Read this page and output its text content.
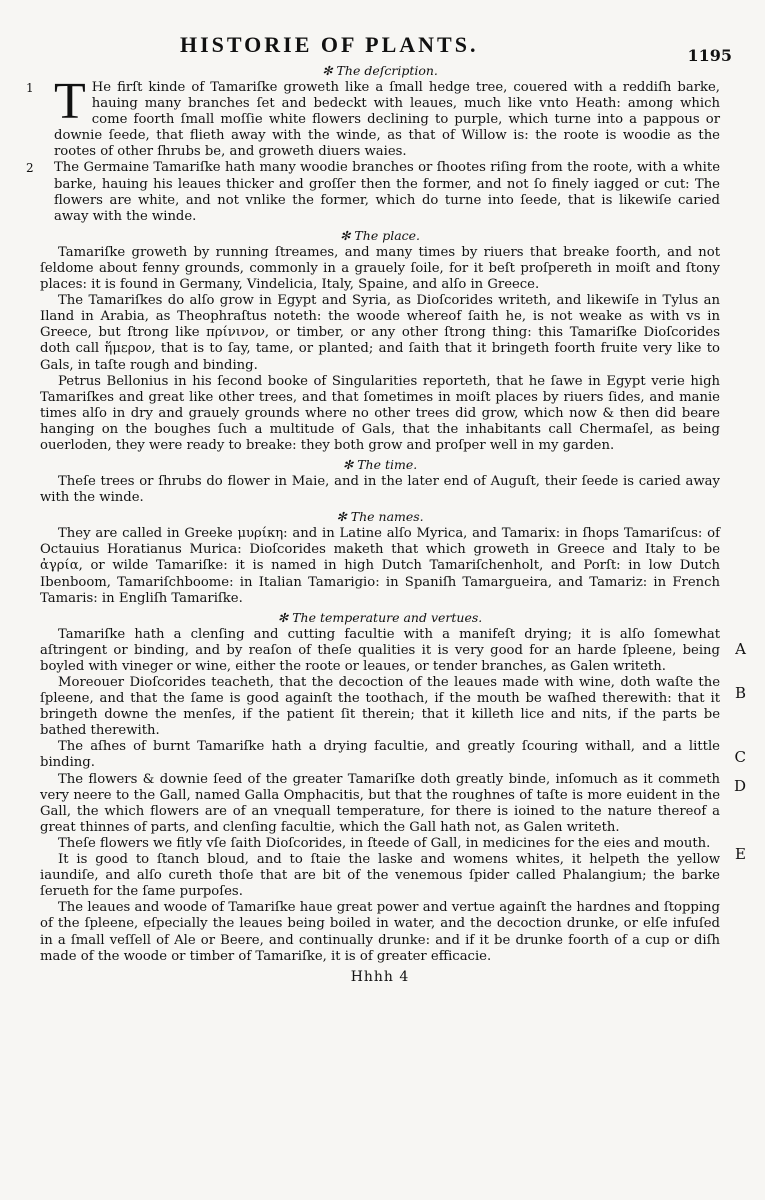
HISTORIE OF PLANTS.	1195
✻ The deſcription.

1 T He firſt kinde of Tamariſke groweth like a ſmall hedge tree, couered with a reddiſh barke, hauing many branches ſet and bedeckt with leaues, much like vnto Heath: among which come foorth ſmall moſſie white flowers declining to purple, which turne into a pappous or downie ſeede, that flieth away with the winde, as that of Willow is: the roote is woodie as the rootes of other ſhrubs be, and groweth diuers waies.

2 The Germaine Tamariſke hath many woodie branches or ſhootes riſing from the roote, with a white barke, hauing his leaues thicker and groſſer then the former, and not ſo finely iagged or cut: The flowers are white, and not vnlike the former, which do turne into ſeede, that is likewiſe caried away with the winde.

✻ The place.

Tamariſke groweth by running ſtreames, and many times by riuers that breake foorth, and not ſeldome about fenny grounds, commonly in a grauely ſoile, for it beſt proſpereth in moiſt and ſtony places: it is found in Germany, Vindelicia, Italy, Spaine, and alſo in Greece.

The Tamariſkes do alſo grow in Egypt and Syria, as Dioſcorides writeth, and likewiſe in Tylus an Iland in Arabia, as Theophraſtus noteth: the woode whereof ſaith he, is not weake as with vs in Greece, but ſtrong like πρίνινον, or timber, or any other ſtrong thing: this Tamariſke Dioſcorides doth call ἥμερον, that is to ſay, tame, or planted; and ſaith that it bringeth foorth fruite very like to Gals, in taſte rough and binding.

Petrus Bellonius in his ſecond booke of Singularities reporteth, that he ſawe in Egypt verie high Tamariſkes and great like other trees, and that ſometimes in moiſt places by riuers ſides, and manie times alſo in dry and grauely grounds where no other trees did grow, which now & then did beare hanging on the boughes ſuch a multitude of Gals, that the inhabitants call Chermaſel, as being ouerloden, they were ready to breake: they both grow and proſper well in my garden.

✻ The time.

Theſe trees or ſhrubs do flower in Maie, and in the later end of Auguſt, their ſeede is caried away with the winde.

✻ The names.

They are called in Greeke μυρίκη: and in Latine alſo Myrica, and Tamarix: in ſhops Tamariſcus: of Octauius Horatianus Murica: Dioſcorides maketh that which groweth in Greece and Italy to be ἀγρία, or wilde Tamariſke: it is named in high Dutch Tamariſchenholt, and Porſt: in low Dutch Ibenboom, Tamariſchboome: in Italian Tamarigio: in Spaniſh Tamargueira, and Tamariz: in French Tamaris: in Engliſh Tamariſke.

✻ The temperature and vertues.

Tamariſke hath a clenſing and cutting facultie with a manifeſt drying; it is alſo ſomewhat aſtringent or binding, and by reaſon of theſe qualities it is very good for an harde ſpleene, being boyled with vineger or wine, either the roote or leaues, or tender branches, as Galen writeth.
A

Moreouer Dioſcorides teacheth, that the decoction of the leaues made with wine, doth waſte the ſpleene, and that the ſame is good againſt the toothach, if the mouth be waſhed therewith: that it bringeth downe the menſes, if the patient ſit therein; that it killeth lice and nits, if the parts be bathed therewith.
B

The aſhes of burnt Tamariſke hath a drying facultie, and greatly ſcouring withall, and a little binding.	C

The flowers & downie ſeed of the greater Tamariſke doth greatly binde, inſomuch as it commeth very neere to the Gall, named Galla Omphacitis, but that the roughnes of taſte is more euident in the Gall, the which flowers are of an vnequall temperature, for there is ioined to the nature thereof a great thinnes of parts, and clenſing facultie, which the Gall hath not, as Galen writeth.
D

Theſe flowers we fitly vſe ſaith Dioſcorides, in ſteede of Gall, in medicines for the eies and mouth.

It is good to ſtanch bloud, and to ſtaie the laske and womens whites, it helpeth the yellow iaundiſe, and alſo cureth thoſe that are bit of the venemous ſpider called Phalangium; the barke ſerueth for the ſame purpoſes.
E

The leaues and woode of Tamariſke haue great power and vertue againſt the hardnes and ſtopping of the ſpleene, eſpecially the leaues being boiled in water, and the decoction drunke, or elſe infuſed in a ſmall veſſell of Ale or Beere, and continually drunke: and if it be drunke foorth of a cup or diſh made of the woode or timber of Tamariſke, it is of greater efficacie.

Hhhh 4
